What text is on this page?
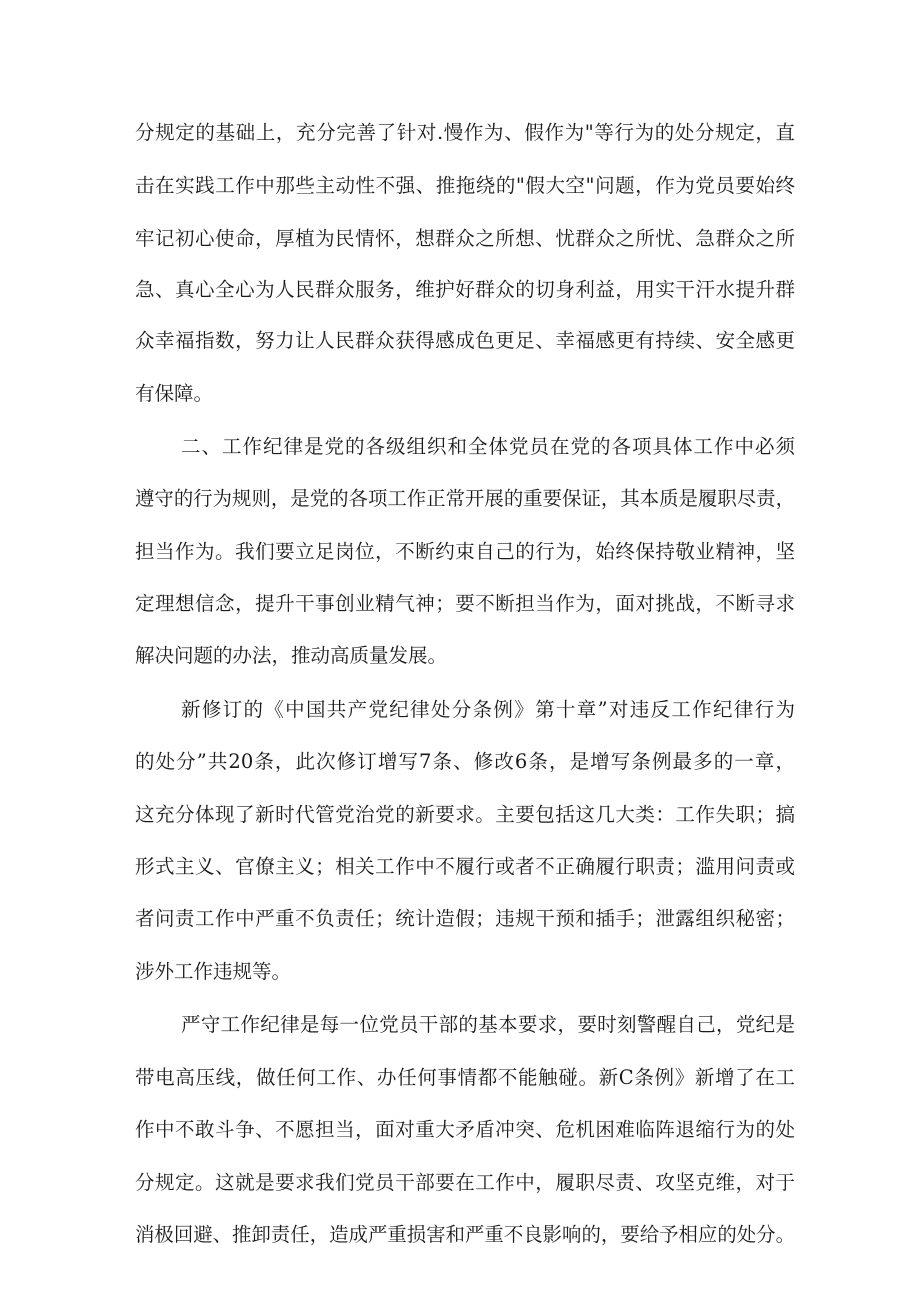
分规定的基础上，充分完善了针对.慢作为、假作为"等行为的处分规定，直
击在实践工作中那些主动性不强、推拖绕的"假大空"问题，作为党员要始终
牢记初心使命，厚植为民情怀，想群众之所想、忧群众之所忧、急群众之所
急、真心全心为人民群众服务，维护好群众的切身利益，用实干汗水提升群
众幸福指数，努力让人民群众获得感成色更足、幸福感更有持续、安全感更
有保障。
二、工作纪律是党的各级组织和全体党员在党的各项具体工作中必须
遵守的行为规则，是党的各项工作正常开展的重要保证，其本质是履职尽责，
担当作为。我们要立足岗位，不断约束自己的行为，始终保持敬业精神，坚
定理想信念，提升干事创业精气神；要不断担当作为，面对挑战，不断寻求
解决问题的办法，推动高质量发展。
新修订的《中国共产党纪律处分条例》第十章”对违反工作纪律行为
的处分”共20条，此次修订增写7条、修改6条，是增写条例最多的一章，
这充分体现了新时代管党治党的新要求。主要包括这几大类：工作失职；搞
形式主义、官僚主义；相关工作中不履行或者不正确履行职责；滥用问责或
者问责工作中严重不负责任；统计造假；违规干预和插手；泄露组织秘密；
涉外工作违规等。
严守工作纪律是每一位党员干部的基本要求，要时刻警醒自己，党纪是
带电高压线，做任何工作、办任何事情都不能触碰。新C条例》新增了在工
作中不敢斗争、不愿担当，面对重大矛盾冲突、危机困难临阵退缩行为的处
分规定。这就是要求我们党员干部要在工作中，履职尽责、攻坚克维，对于
消极回避、推卸责任，造成严重损害和严重不良影响的，要给予相应的处分。
